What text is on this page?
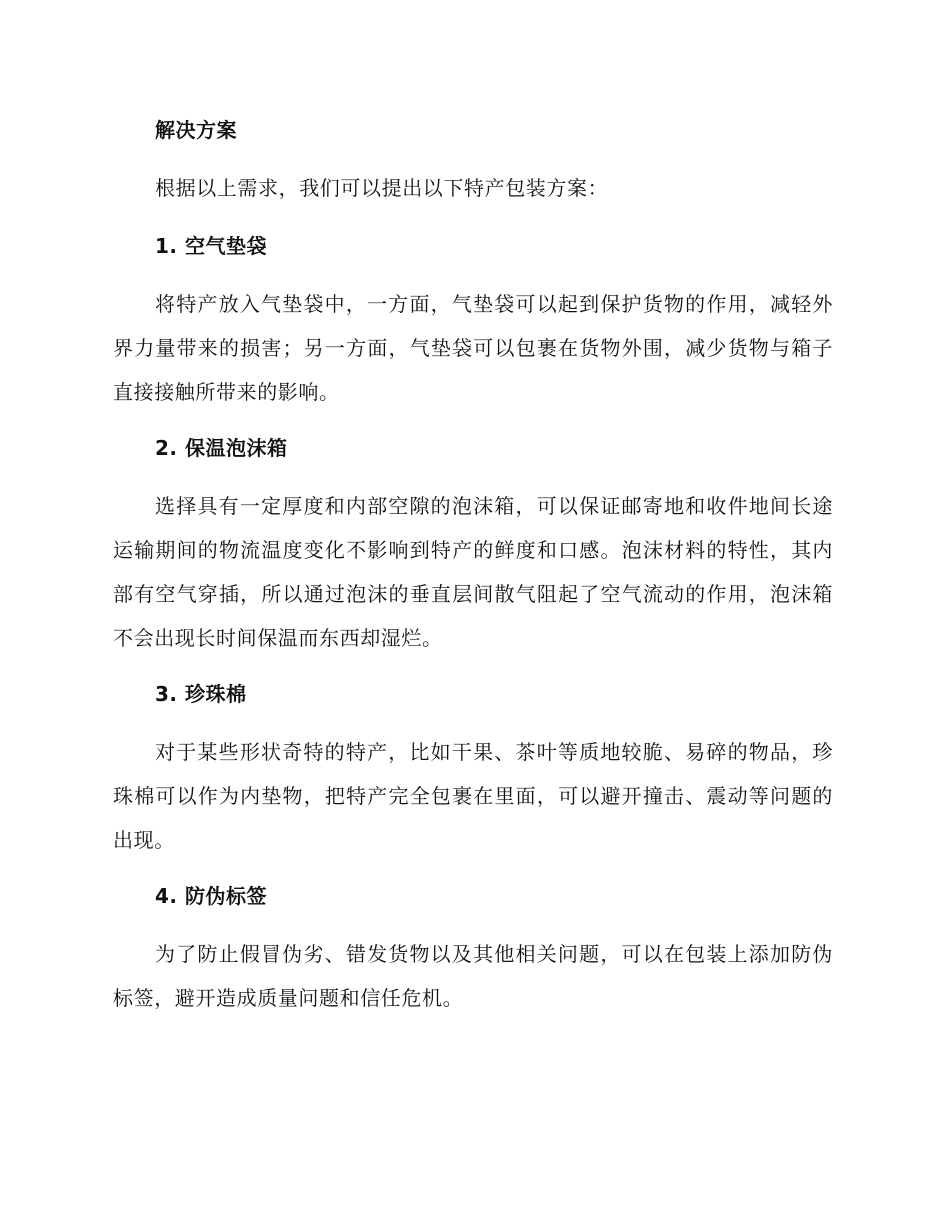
解决方案
根据以上需求，我们可以提出以下特产包装方案：
1. 空气垫袋
将特产放入气垫袋中，一方面，气垫袋可以起到保护货物的作用，减轻外界力量带来的损害；另一方面，气垫袋可以包裹在货物外围，减少货物与箱子直接接触所带来的影响。
2. 保温泡沫箱
选择具有一定厚度和内部空隙的泡沫箱，可以保证邮寄地和收件地间长途运输期间的物流温度变化不影响到特产的鲜度和口感。泡沫材料的特性，其内部有空气穿插，所以通过泡沫的垂直层间散气阻起了空气流动的作用，泡沫箱不会出现长时间保温而东西却湿烂。
3. 珍珠棉
对于某些形状奇特的特产，比如干果、茶叶等质地较脆、易碎的物品，珍珠棉可以作为内垫物，把特产完全包裹在里面，可以避开撞击、震动等问题的出现。
4. 防伪标签
为了防止假冒伪劣、错发货物以及其他相关问题，可以在包装上添加防伪标签，避开造成质量问题和信任危机。
